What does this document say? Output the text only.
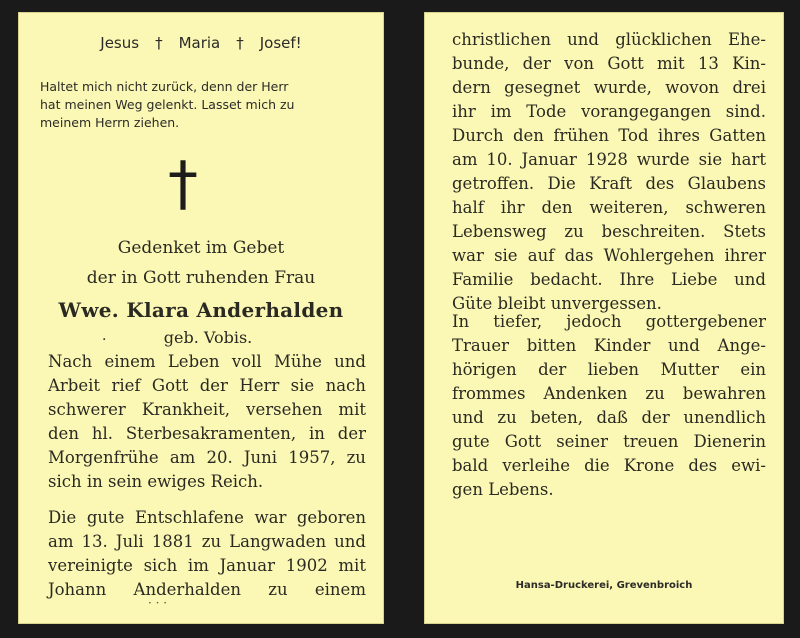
Jesus † Maria † Josef!
Haltet mich nicht zurück, denn der Herr
hat meinen Weg gelenkt. Lasset mich zu
meinem Herrn ziehen.
†
Gedenket im Gebet
der in Gott ruhenden Frau
Wwe. Klara Anderhalden
·	geb. Vobis.
Nach einem Leben voll Mühe und
Arbeit rief Gott der Herr sie nach
schwerer Krankheit, versehen mit
den hl. Sterbesakramenten, in der
Morgenfrühe am 20. Juni 1957, zu
sich in sein ewiges Reich.
Die gute Entschlafene war geboren
am 13. Juli 1881 zu Langwaden und
vereinigte sich im Januar 1902 mit
Johann Anderhalden zu einem
· · ·
christlichen und glücklichen Ehe-
bunde, der von Gott mit 13 Kin-
dern gesegnet wurde, wovon drei
ihr im Tode vorangegangen sind.
Durch den frühen Tod ihres Gatten
am 10. Januar 1928 wurde sie hart
getroffen. Die Kraft des Glaubens
half ihr den weiteren, schweren
Lebensweg zu beschreiten. Stets
war sie auf das Wohlergehen ihrer
Familie bedacht. Ihre Liebe und
Güte bleibt unvergessen.
In tiefer, jedoch gottergebener
Trauer bitten Kinder und Ange-
hörigen der lieben Mutter ein
frommes Andenken zu bewahren
und zu beten, daß der unendlich
gute Gott seiner treuen Dienerin
bald verleihe die Krone des ewi-
gen Lebens.
Hansa-Druckerei, Grevenbroich
